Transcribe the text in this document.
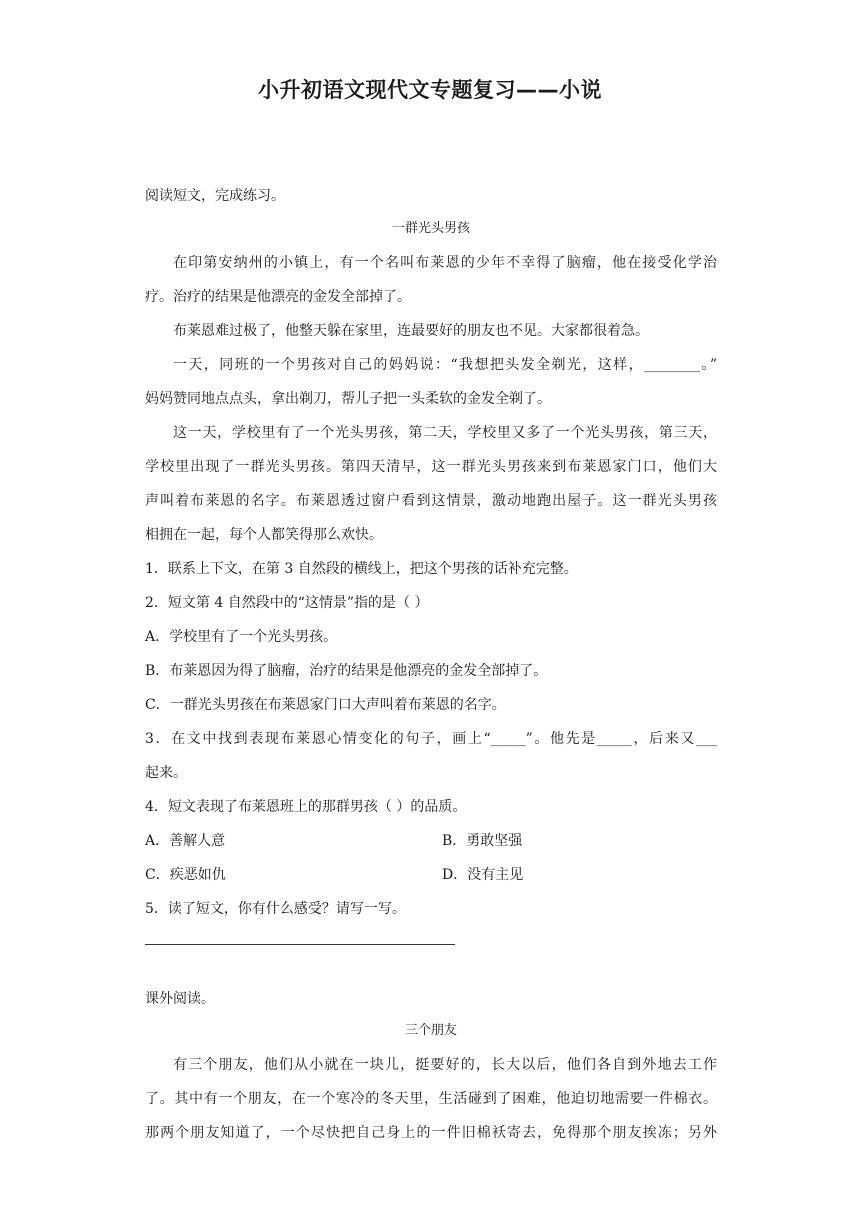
小升初语文现代文专题复习——小说
阅读短文，完成练习。
一群光头男孩
在印第安纳州的小镇上，有一个名叫布莱恩的少年不幸得了脑瘤，他在接受化学治
疗。治疗的结果是他漂亮的金发全部掉了。
布莱恩难过极了，他整天躲在家里，连最要好的朋友也不见。大家都很着急。
一天，同班的一个男孩对自己的妈妈说：“我想把头发全剃光，这样，________。”
妈妈赞同地点点头，拿出剃刀，帮儿子把一头柔软的金发全剃了。
这一天，学校里有了一个光头男孩，第二天，学校里又多了一个光头男孩，第三天，
学校里出现了一群光头男孩。第四天清早，这一群光头男孩来到布莱恩家门口，他们大
声叫着布莱恩的名字。布莱恩透过窗户看到这情景，激动地跑出屋子。这一群光头男孩
相拥在一起，每个人都笑得那么欢快。
1．联系上下文，在第 3 自然段的横线上，把这个男孩的话补充完整。
2．短文第 4 自然段中的“这情景”指的是（ ）
A．学校里有了一个光头男孩。
B．布莱恩因为得了脑瘤，治疗的结果是他漂亮的金发全部掉了。
C．一群光头男孩在布莱恩家门口大声叫着布莱恩的名字。
3．在文中找到表现布莱恩心情变化的句子，画上“_____”。他先是_____，后来又___
起来。
4．短文表现了布莱恩班上的那群男孩（ ）的品质。
A．善解人意	B．勇敢坚强
C．疾恶如仇	D．没有主见
5．读了短文，你有什么感受？请写一写。
课外阅读。
三个朋友
有三个朋友，他们从小就在一块儿，挺要好的，长大以后，他们各自到外地去工作
了。其中有一个朋友，在一个寒冷的冬天里，生活碰到了困难，他迫切地需要一件棉衣。
那两个朋友知道了，一个尽快把自己身上的一件旧棉袄寄去，免得那个朋友挨冻；另外
